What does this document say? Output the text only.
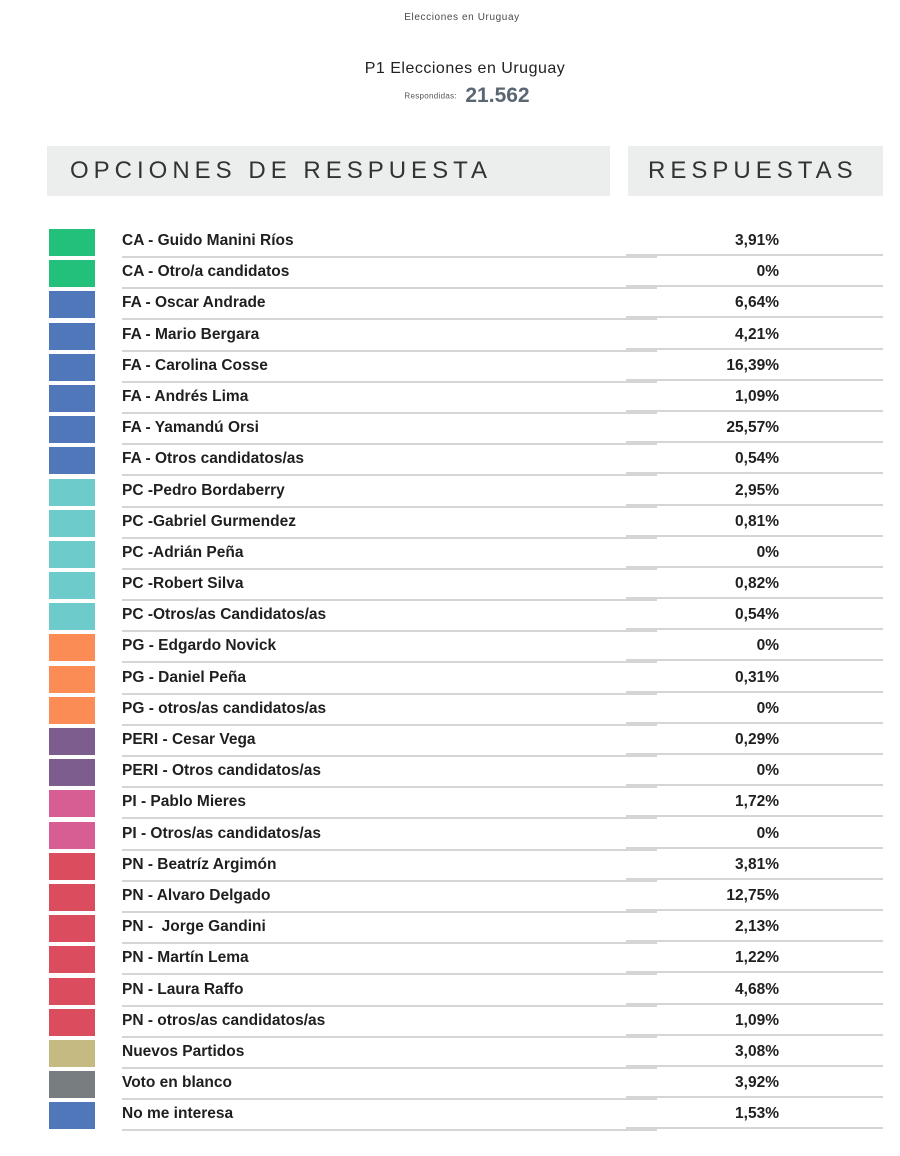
Elecciones en Uruguay
P1 Elecciones en Uruguay
Respondidas: 21.562
OPCIONES DE RESPUESTA	RESPUESTAS
CA - Guido Manini Ríos	3,91%
CA - Otro/a candidatos	0%
FA - Oscar Andrade	6,64%
FA - Mario Bergara	4,21%
FA - Carolina Cosse	16,39%
FA - Andrés Lima	1,09%
FA - Yamandú Orsi	25,57%
FA - Otros candidatos/as	0,54%
PC -Pedro Bordaberry	2,95%
PC -Gabriel Gurmendez	0,81%
PC -Adrián Peña	0%
PC -Robert Silva	0,82%
PC -Otros/as Candidatos/as	0,54%
PG - Edgardo Novick	0%
PG - Daniel Peña	0,31%
PG - otros/as candidatos/as	0%
PERI - Cesar Vega	0,29%
PERI - Otros candidatos/as	0%
PI - Pablo Mieres	1,72%
PI - Otros/as candidatos/as	0%
PN - Beatríz Argimón	3,81%
PN - Alvaro Delgado	12,75%
PN -  Jorge Gandini	2,13%
PN - Martín Lema	1,22%
PN - Laura Raffo	4,68%
PN - otros/as candidatos/as	1,09%
Nuevos Partidos	3,08%
Voto en blanco	3,92%
No me interesa	1,53%
